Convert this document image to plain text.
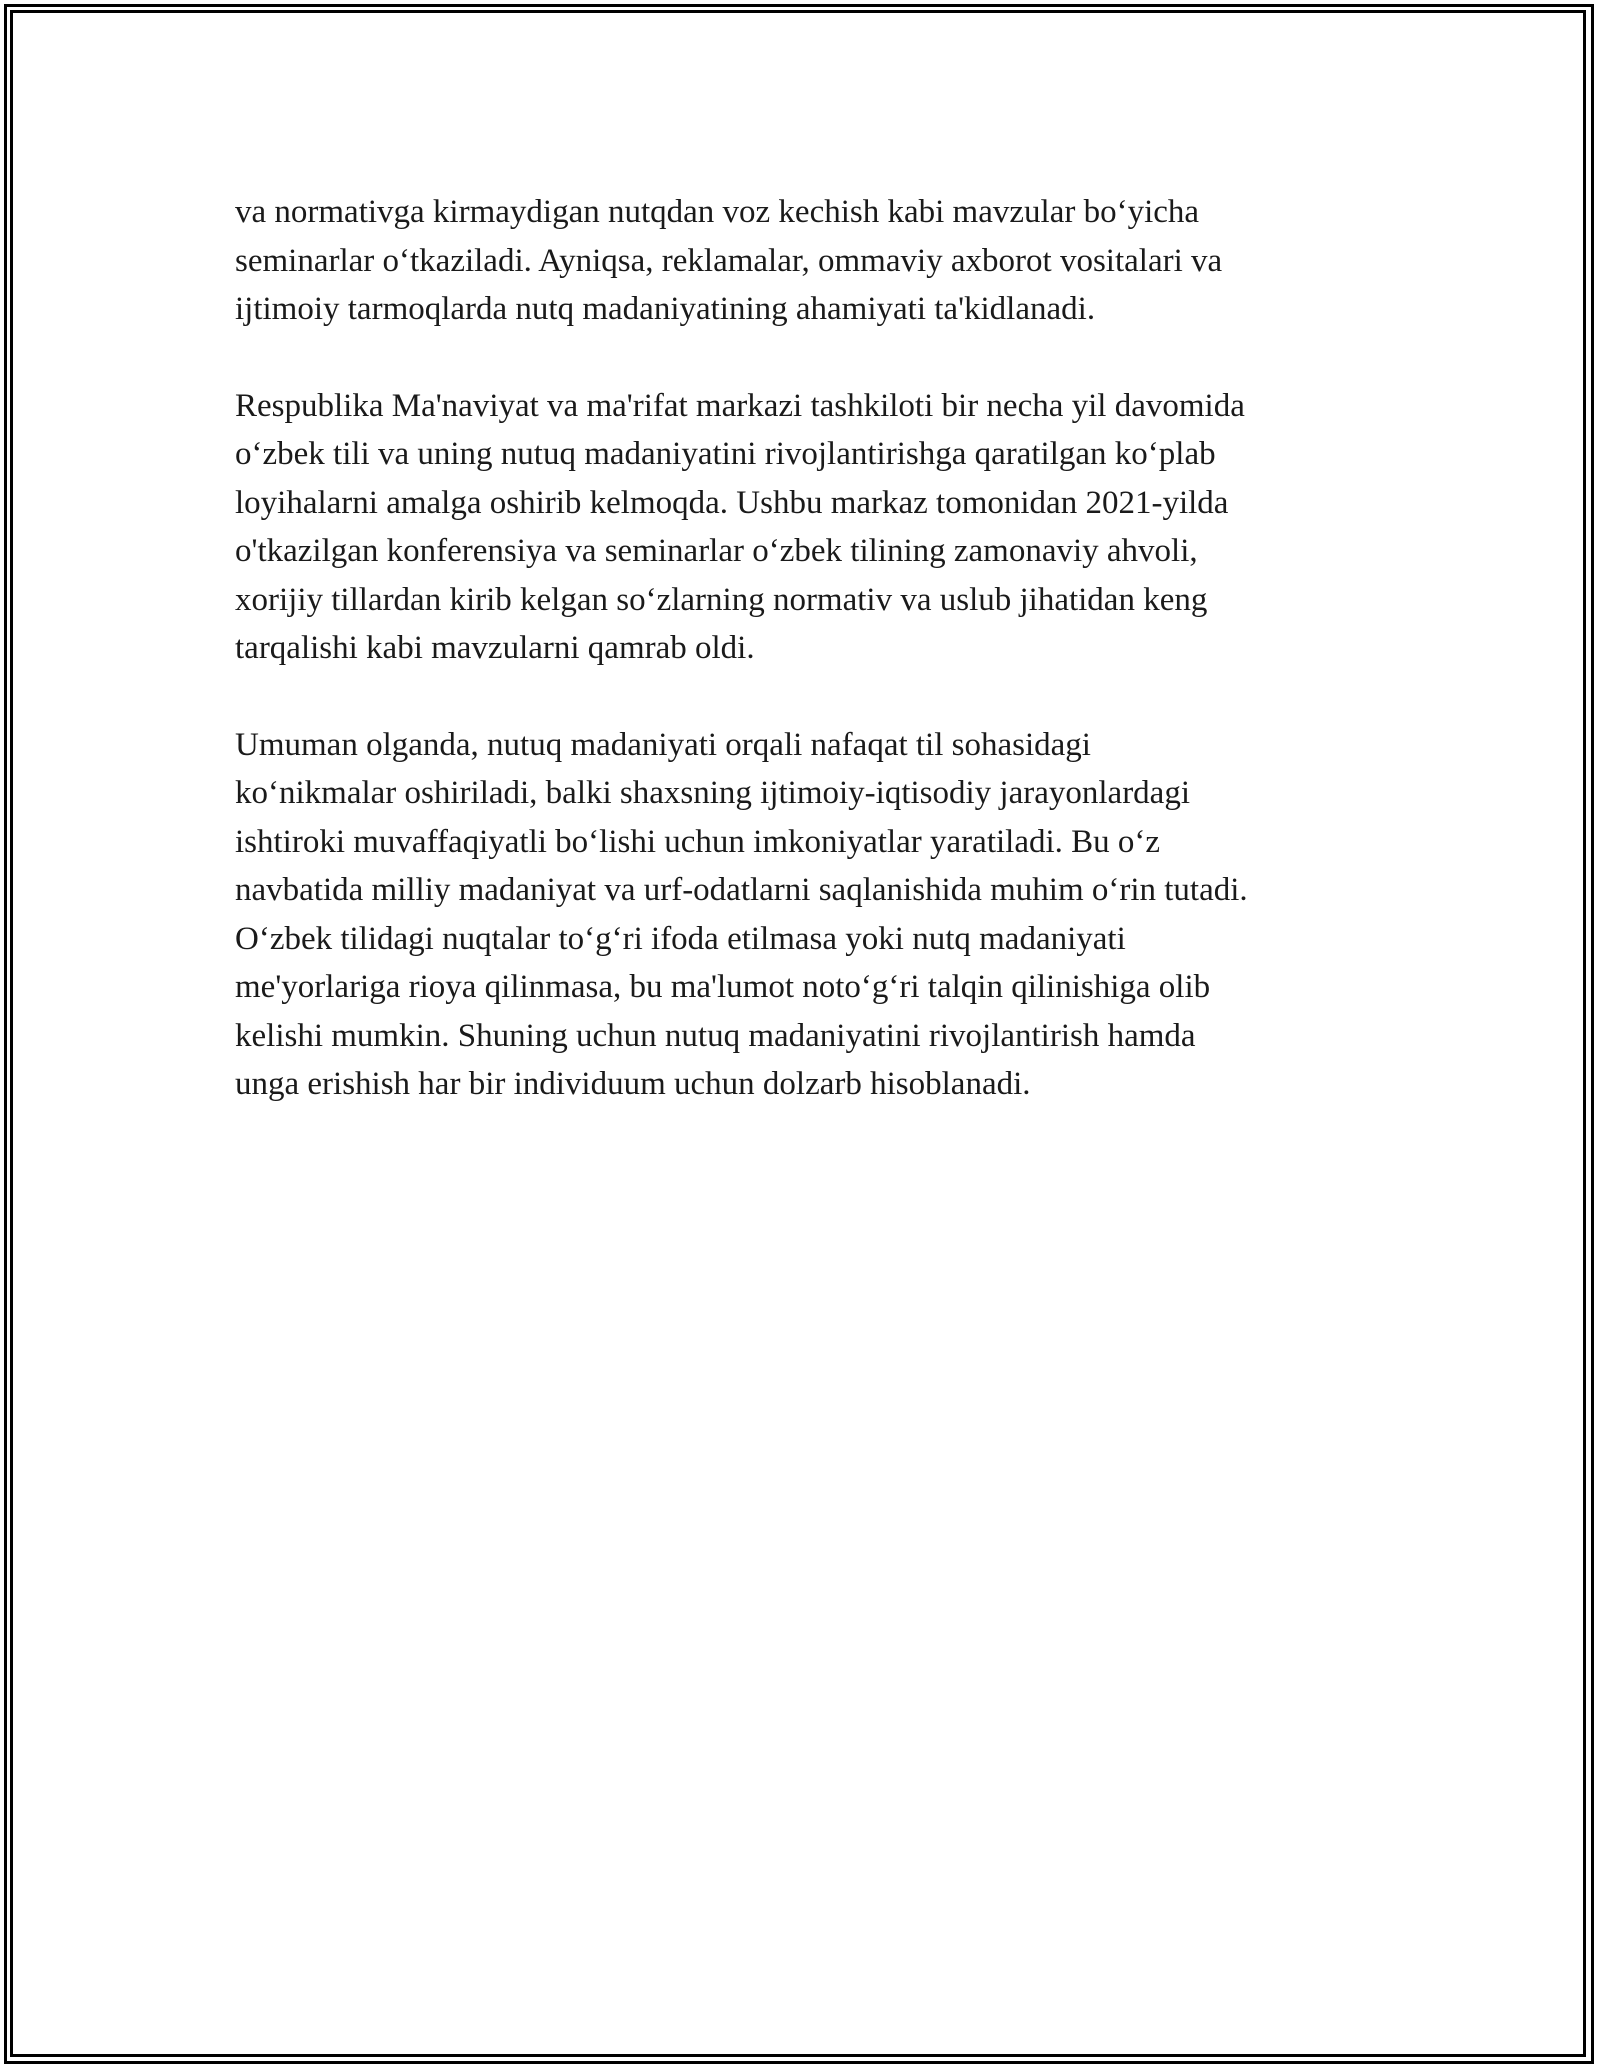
va normativga kirmaydigan nutqdan voz kechish kabi mavzular bo‘yicha
seminarlar o‘tkaziladi. Ayniqsa, reklamalar, ommaviy axborot vositalari va
ijtimoiy tarmoqlarda nutq madaniyatining ahamiyati ta'kidlanadi.

Respublika Ma'naviyat va ma'rifat markazi tashkiloti bir necha yil davomida
o‘zbek tili va uning nutuq madaniyatini rivojlantirishga qaratilgan ko‘plab
loyihalarni amalga oshirib kelmoqda. Ushbu markaz tomonidan 2021-yilda
o'tkazilgan konferensiya va seminarlar o‘zbek tilining zamonaviy ahvoli,
xorijiy tillardan kirib kelgan so‘zlarning normativ va uslub jihatidan keng
tarqalishi kabi mavzularni qamrab oldi.

Umuman olganda, nutuq madaniyati orqali nafaqat til sohasidagi
ko‘nikmalar oshiriladi, balki shaxsning ijtimoiy-iqtisodiy jarayonlardagi
ishtiroki muvaffaqiyatli bo‘lishi uchun imkoniyatlar yaratiladi. Bu o‘z
navbatida milliy madaniyat va urf-odatlarni saqlanishida muhim o‘rin tutadi.
O‘zbek tilidagi nuqtalar to‘g‘ri ifoda etilmasa yoki nutq madaniyati
me'yorlariga rioya qilinmasa, bu ma'lumot noto‘g‘ri talqin qilinishiga olib
kelishi mumkin. Shuning uchun nutuq madaniyatini rivojlantirish hamda
unga erishish har bir individuum uchun dolzarb hisoblanadi.
